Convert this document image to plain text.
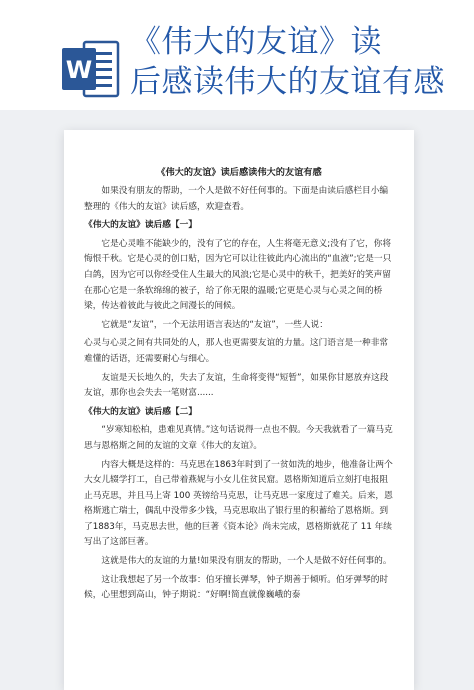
W
《伟大的友谊》读
后感读伟大的友谊有感
《伟大的友谊》读后感读伟大的友谊有感

如果没有朋友的帮助，一个人是做不好任何事的。下面是由读后感栏目小编整理的《伟大的友谊》读后感，欢迎查看。

《伟大的友谊》读后感【一】

它是心灵唯不能缺少的，没有了它的存在，人生将毫无意义;没有了它，你将悔恨千秋。它是心灵的创口贴，因为它可以让往彼此内心流出的“血液”;它是一只白鸽，因为它可以你经受住人生最大的风浪;它是心灵中的秋千，把美好的笑声留在那心它是一条软绵绵的被子，给了你无限的温暖;它更是心灵与心灵之间的桥梁，传达着彼此与彼此之间漫长的间候。

它就是“友谊”，一个无法用语言表达的“友谊”，一些人说：

心灵与心灵之间有共同处的人，那人也更需要友谊的力量。这门语言是一种非常难懂的话语，还需要耐心与细心。

友谊是天长地久的，失去了友谊，生命将变得“短暂”，如果你甘愿放弃这段友谊，那你也会失去一笔财富......

《伟大的友谊》读后感【二】

“岁寒知松柏，患难见真情。”这句话说得一点也不假。今天我就看了一篇马克思与恩格斯之间的友谊的文章《伟大的友谊》。

内容大概是这样的：马克思在1863年时到了一贫如洗的地步，他准备让两个大女儿辍学打工，自己带着燕妮与小女儿住贫民窟。恩格斯知道后立刻打电报阻止马克思，并且马上寄 100 英镑给马克思，让马克思一家度过了难关。后来，恩格斯逃亡瑞士，偶乱中没带多少钱，马克思取出了银行里的积蓄给了恩格斯。到了1883年，马克思去世，他的巨著《资本论》尚未完成，恩格斯就花了 11 年续写出了这部巨著。

这就是伟大的友谊的力量!如果没有朋友的帮助，一个人是做不好任何事的。

这让我想起了另一个故事：伯牙擅长弹琴，钟子期善于倾听。伯牙弹琴的时候，心里想到高山，钟子期说：“好啊!简直就像巍峨的泰
